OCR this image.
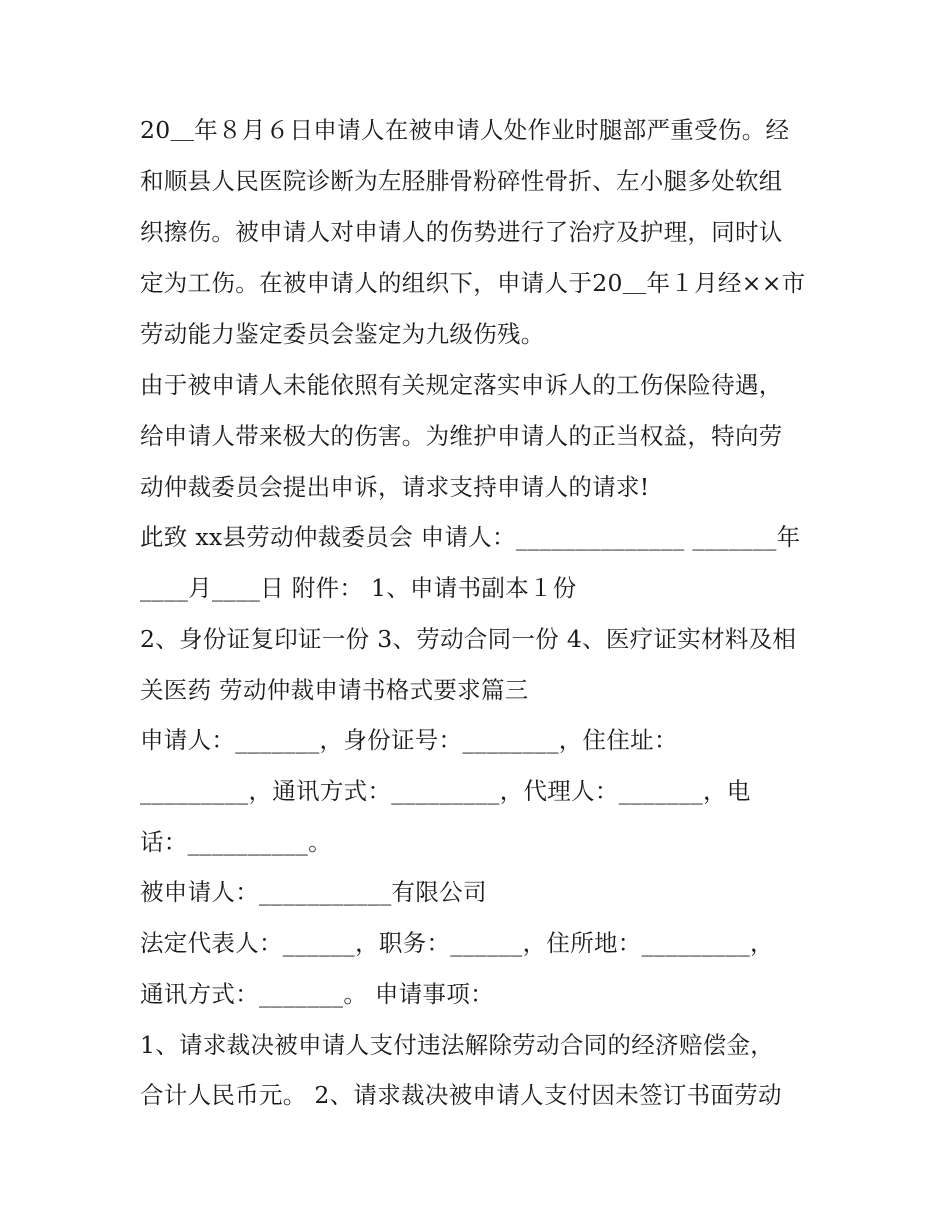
20＿年８月６日申请人在被申请人处作业时腿部严重受伤。经
和顺县人民医院诊断为左胫腓骨粉碎性骨折、左小腿多处软组
织擦伤。被申请人对申请人的伤势进行了治疗及护理，同时认
定为工伤。在被申请人的组织下，申请人于20＿年１月经××市
劳动能力鉴定委员会鉴定为九级伤残。
由于被申请人未能依照有关规定落实申诉人的工伤保险待遇，
给申请人带来极大的伤害。为维护申请人的正当权益，特向劳
动仲裁委员会提出申诉，请求支持申请人的请求!
此致 xx县劳动仲裁委员会 申请人：______________ _______年
____月____日 附件： 1、申请书副本１份
2、身份证复印证一份 3、劳动合同一份 4、医疗证实材料及相
关医药 劳动仲裁申请书格式要求篇三
申请人：_______，身份证号：________，住住址：
_________，通讯方式：_________，代理人：_______，电
话：__________。
被申请人：___________有限公司
法定代表人：______，职务：______，住所地：_________，
通讯方式：_______。 申请事项：
1、请求裁决被申请人支付违法解除劳动合同的经济赔偿金，
合计人民币元。 2、请求裁决被申请人支付因未签订书面劳动
